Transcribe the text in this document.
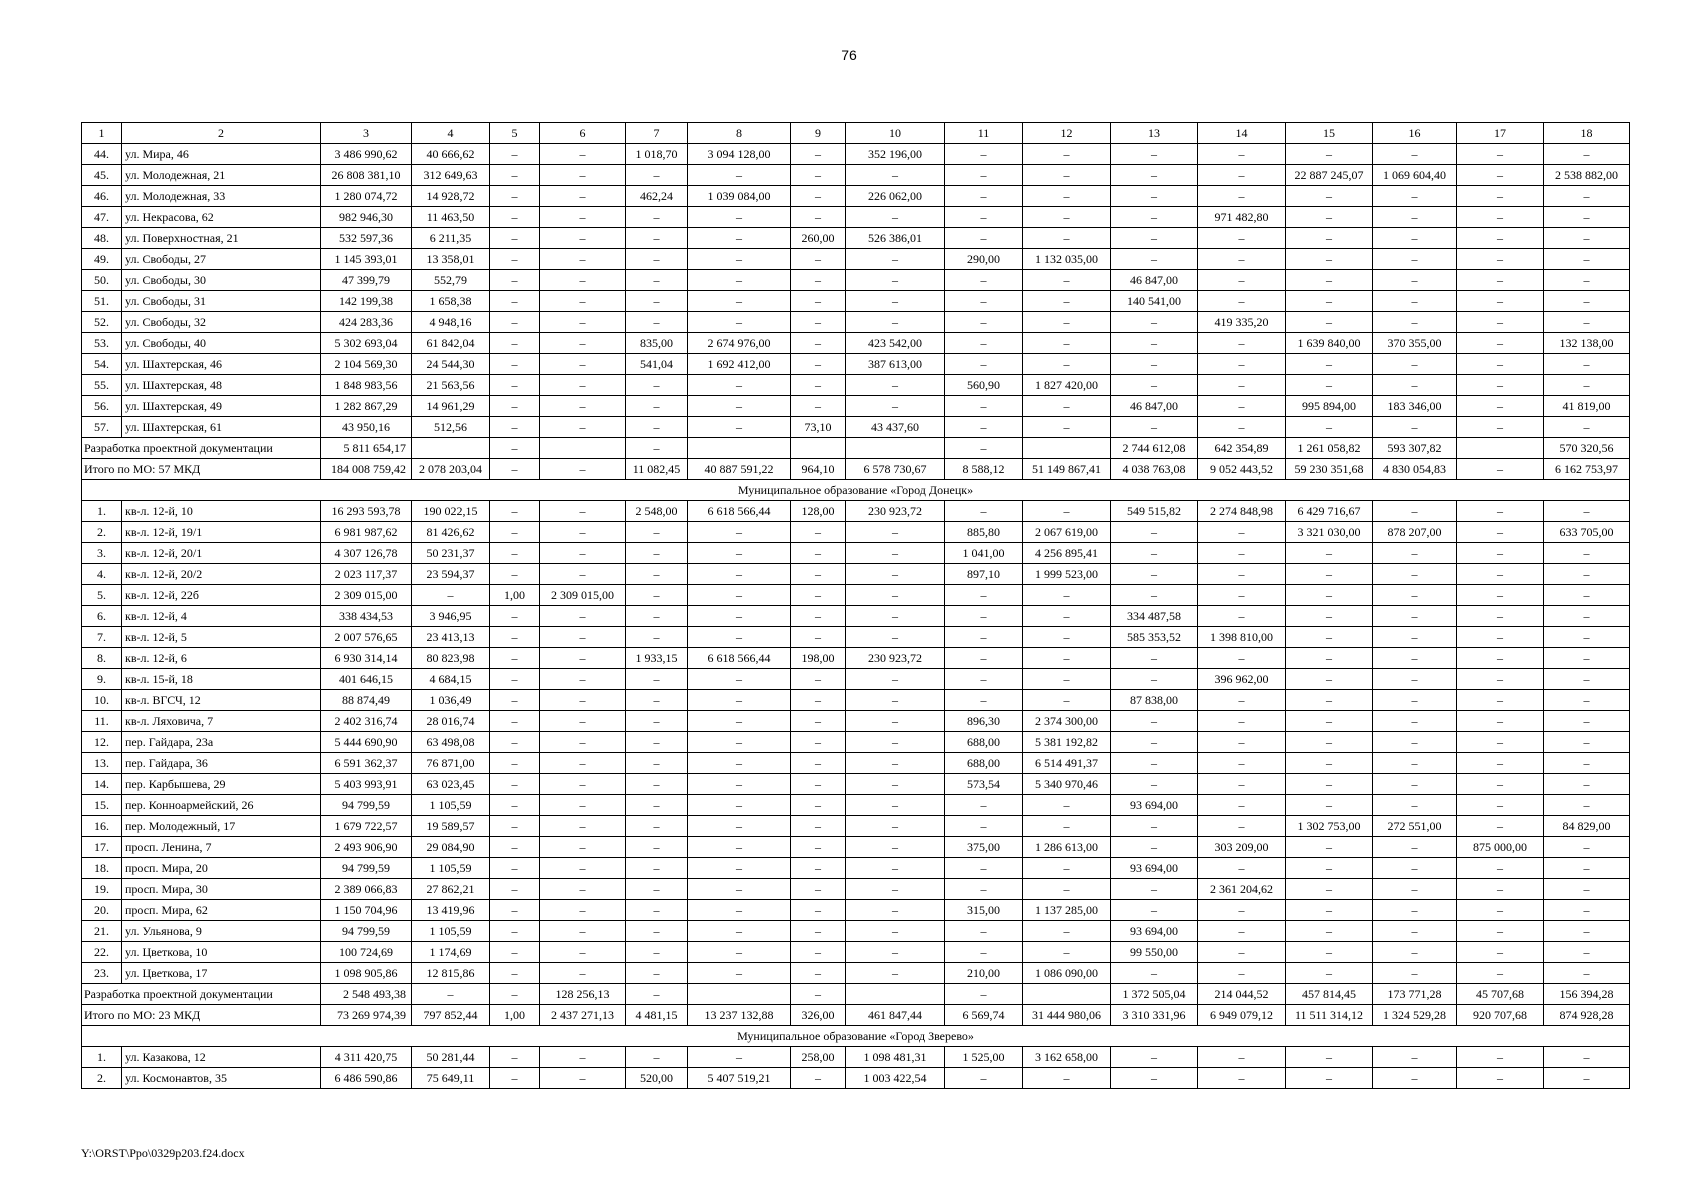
76
1	2	3	4	5	6	7	8	9	10	11	12	13	14	15	16	17	18
44.	ул. Мира, 46	3 486 990,62	40 666,62	–	–	1 018,70	3 094 128,00	–	352 196,00	–	–	–	–	–	–	–	–
45.	ул. Молодежная, 21	26 808 381,10	312 649,63	–	–	–	–	–	–	–	–	–	–	22 887 245,07	1 069 604,40	–	2 538 882,00
46.	ул. Молодежная, 33	1 280 074,72	14 928,72	–	–	462,24	1 039 084,00	–	226 062,00	–	–	–	–	–	–	–	–
47.	ул. Некрасова, 62	982 946,30	11 463,50	–	–	–	–	–	–	–	–	–	971 482,80	–	–	–	–
48.	ул. Поверхностная, 21	532 597,36	6 211,35	–	–	–	–	260,00	526 386,01	–	–	–	–	–	–	–	–
49.	ул. Свободы, 27	1 145 393,01	13 358,01	–	–	–	–	–	–	290,00	1 132 035,00	–	–	–	–	–	–
50.	ул. Свободы, 30	47 399,79	552,79	–	–	–	–	–	–	–	–	46 847,00	–	–	–	–	–
51.	ул. Свободы, 31	142 199,38	1 658,38	–	–	–	–	–	–	–	–	140 541,00	–	–	–	–	–
52.	ул. Свободы, 32	424 283,36	4 948,16	–	–	–	–	–	–	–	–	–	419 335,20	–	–	–	–
53.	ул. Свободы, 40	5 302 693,04	61 842,04	–	–	835,00	2 674 976,00	–	423 542,00	–	–	–	–	1 639 840,00	370 355,00	–	132 138,00
54.	ул. Шахтерская, 46	2 104 569,30	24 544,30	–	–	541,04	1 692 412,00	–	387 613,00	–	–	–	–	–	–	–	–
55.	ул. Шахтерская, 48	1 848 983,56	21 563,56	–	–	–	–	–	–	560,90	1 827 420,00	–	–	–	–	–	–
56.	ул. Шахтерская, 49	1 282 867,29	14 961,29	–	–	–	–	–	–	–	–	46 847,00	–	995 894,00	183 346,00	–	41 819,00
57.	ул. Шахтерская, 61	43 950,16	512,56	–	–	–	–	73,10	43 437,60	–	–	–	–	–	–	–	–
Разработка проектной документации		5 811 654,17		–		–				–		2 744 612,08	642 354,89	1 261 058,82	593 307,82		570 320,56
Итого по МО: 57 МКД		184 008 759,42	2 078 203,04	–	–	11 082,45	40 887 591,22	964,10	6 578 730,67	8 588,12	51 149 867,41	4 038 763,08	9 052 443,52	59 230 351,68	4 830 054,83	–	6 162 753,97
Муниципальное образование «Город Донецк»																	
1.	кв-л. 12-й, 10	16 293 593,78	190 022,15	–	–	2 548,00	6 618 566,44	128,00	230 923,72	–	–	549 515,82	2 274 848,98	6 429 716,67	–	–	–
2.	кв-л. 12-й, 19/1	6 981 987,62	81 426,62	–	–	–	–	–	–	885,80	2 067 619,00	–	–	3 321 030,00	878 207,00	–	633 705,00
3.	кв-л. 12-й, 20/1	4 307 126,78	50 231,37	–	–	–	–	–	–	1 041,00	4 256 895,41	–	–	–	–	–	–
4.	кв-л. 12-й, 20/2	2 023 117,37	23 594,37	–	–	–	–	–	–	897,10	1 999 523,00	–	–	–	–	–	–
5.	кв-л. 12-й, 22б	2 309 015,00	–	1,00	2 309 015,00	–	–	–	–	–	–	–	–	–	–	–	–
6.	кв-л. 12-й, 4	338 434,53	3 946,95	–	–	–	–	–	–	–	–	334 487,58	–	–	–	–	–
7.	кв-л. 12-й, 5	2 007 576,65	23 413,13	–	–	–	–	–	–	–	–	585 353,52	1 398 810,00	–	–	–	–
8.	кв-л. 12-й, 6	6 930 314,14	80 823,98	–	–	1 933,15	6 618 566,44	198,00	230 923,72	–	–	–	–	–	–	–	–
9.	кв-л. 15-й, 18	401 646,15	4 684,15	–	–	–	–	–	–	–	–	–	396 962,00	–	–	–	–
10.	кв-л. ВГСЧ, 12	88 874,49	1 036,49	–	–	–	–	–	–	–	–	87 838,00	–	–	–	–	–
11.	кв-л. Ляховича, 7	2 402 316,74	28 016,74	–	–	–	–	–	–	896,30	2 374 300,00	–	–	–	–	–	–
12.	пер. Гайдара, 23а	5 444 690,90	63 498,08	–	–	–	–	–	–	688,00	5 381 192,82	–	–	–	–	–	–
13.	пер. Гайдара, 36	6 591 362,37	76 871,00	–	–	–	–	–	–	688,00	6 514 491,37	–	–	–	–	–	–
14.	пер. Карбышева, 29	5 403 993,91	63 023,45	–	–	–	–	–	–	573,54	5 340 970,46	–	–	–	–	–	–
15.	пер. Конноармейский, 26	94 799,59	1 105,59	–	–	–	–	–	–	–	–	93 694,00	–	–	–	–	–
16.	пер. Молодежный, 17	1 679 722,57	19 589,57	–	–	–	–	–	–	–	–	–	–	1 302 753,00	272 551,00	–	84 829,00
17.	просп. Ленина, 7	2 493 906,90	29 084,90	–	–	–	–	–	–	375,00	1 286 613,00	–	303 209,00	–	–	875 000,00	–
18.	просп. Мира, 20	94 799,59	1 105,59	–	–	–	–	–	–	–	–	93 694,00	–	–	–	–	–
19.	просп. Мира, 30	2 389 066,83	27 862,21	–	–	–	–	–	–	–	–	–	2 361 204,62	–	–	–	–
20.	просп. Мира, 62	1 150 704,96	13 419,96	–	–	–	–	–	–	315,00	1 137 285,00	–	–	–	–	–	–
21.	ул. Ульянова, 9	94 799,59	1 105,59	–	–	–	–	–	–	–	–	93 694,00	–	–	–	–	–
22.	ул. Цветкова, 10	100 724,69	1 174,69	–	–	–	–	–	–	–	–	99 550,00	–	–	–	–	–
23.	ул. Цветкова, 17	1 098 905,86	12 815,86	–	–	–	–	–	–	210,00	1 086 090,00	–	–	–	–	–	–
Разработка проектной документации		2 548 493,38	–	–	128 256,13	–		–		–		1 372 505,04	214 044,52	457 814,45	173 771,28	45 707,68	156 394,28
Итого по МО: 23 МКД		73 269 974,39	797 852,44	1,00	2 437 271,13	4 481,15	13 237 132,88	326,00	461 847,44	6 569,74	31 444 980,06	3 310 331,96	6 949 079,12	11 511 314,12	1 324 529,28	920 707,68	874 928,28
Муниципальное образование «Город Зверево»																	
1.	ул. Казакова, 12	4 311 420,75	50 281,44	–	–	–	–	258,00	1 098 481,31	1 525,00	3 162 658,00	–	–	–	–	–	–
2.	ул. Космонавтов, 35	6 486 590,86	75 649,11	–	–	520,00	5 407 519,21	–	1 003 422,54	–	–	–	–	–	–	–	–
Y:\ORST\Ppo\0329p203.f24.docx
